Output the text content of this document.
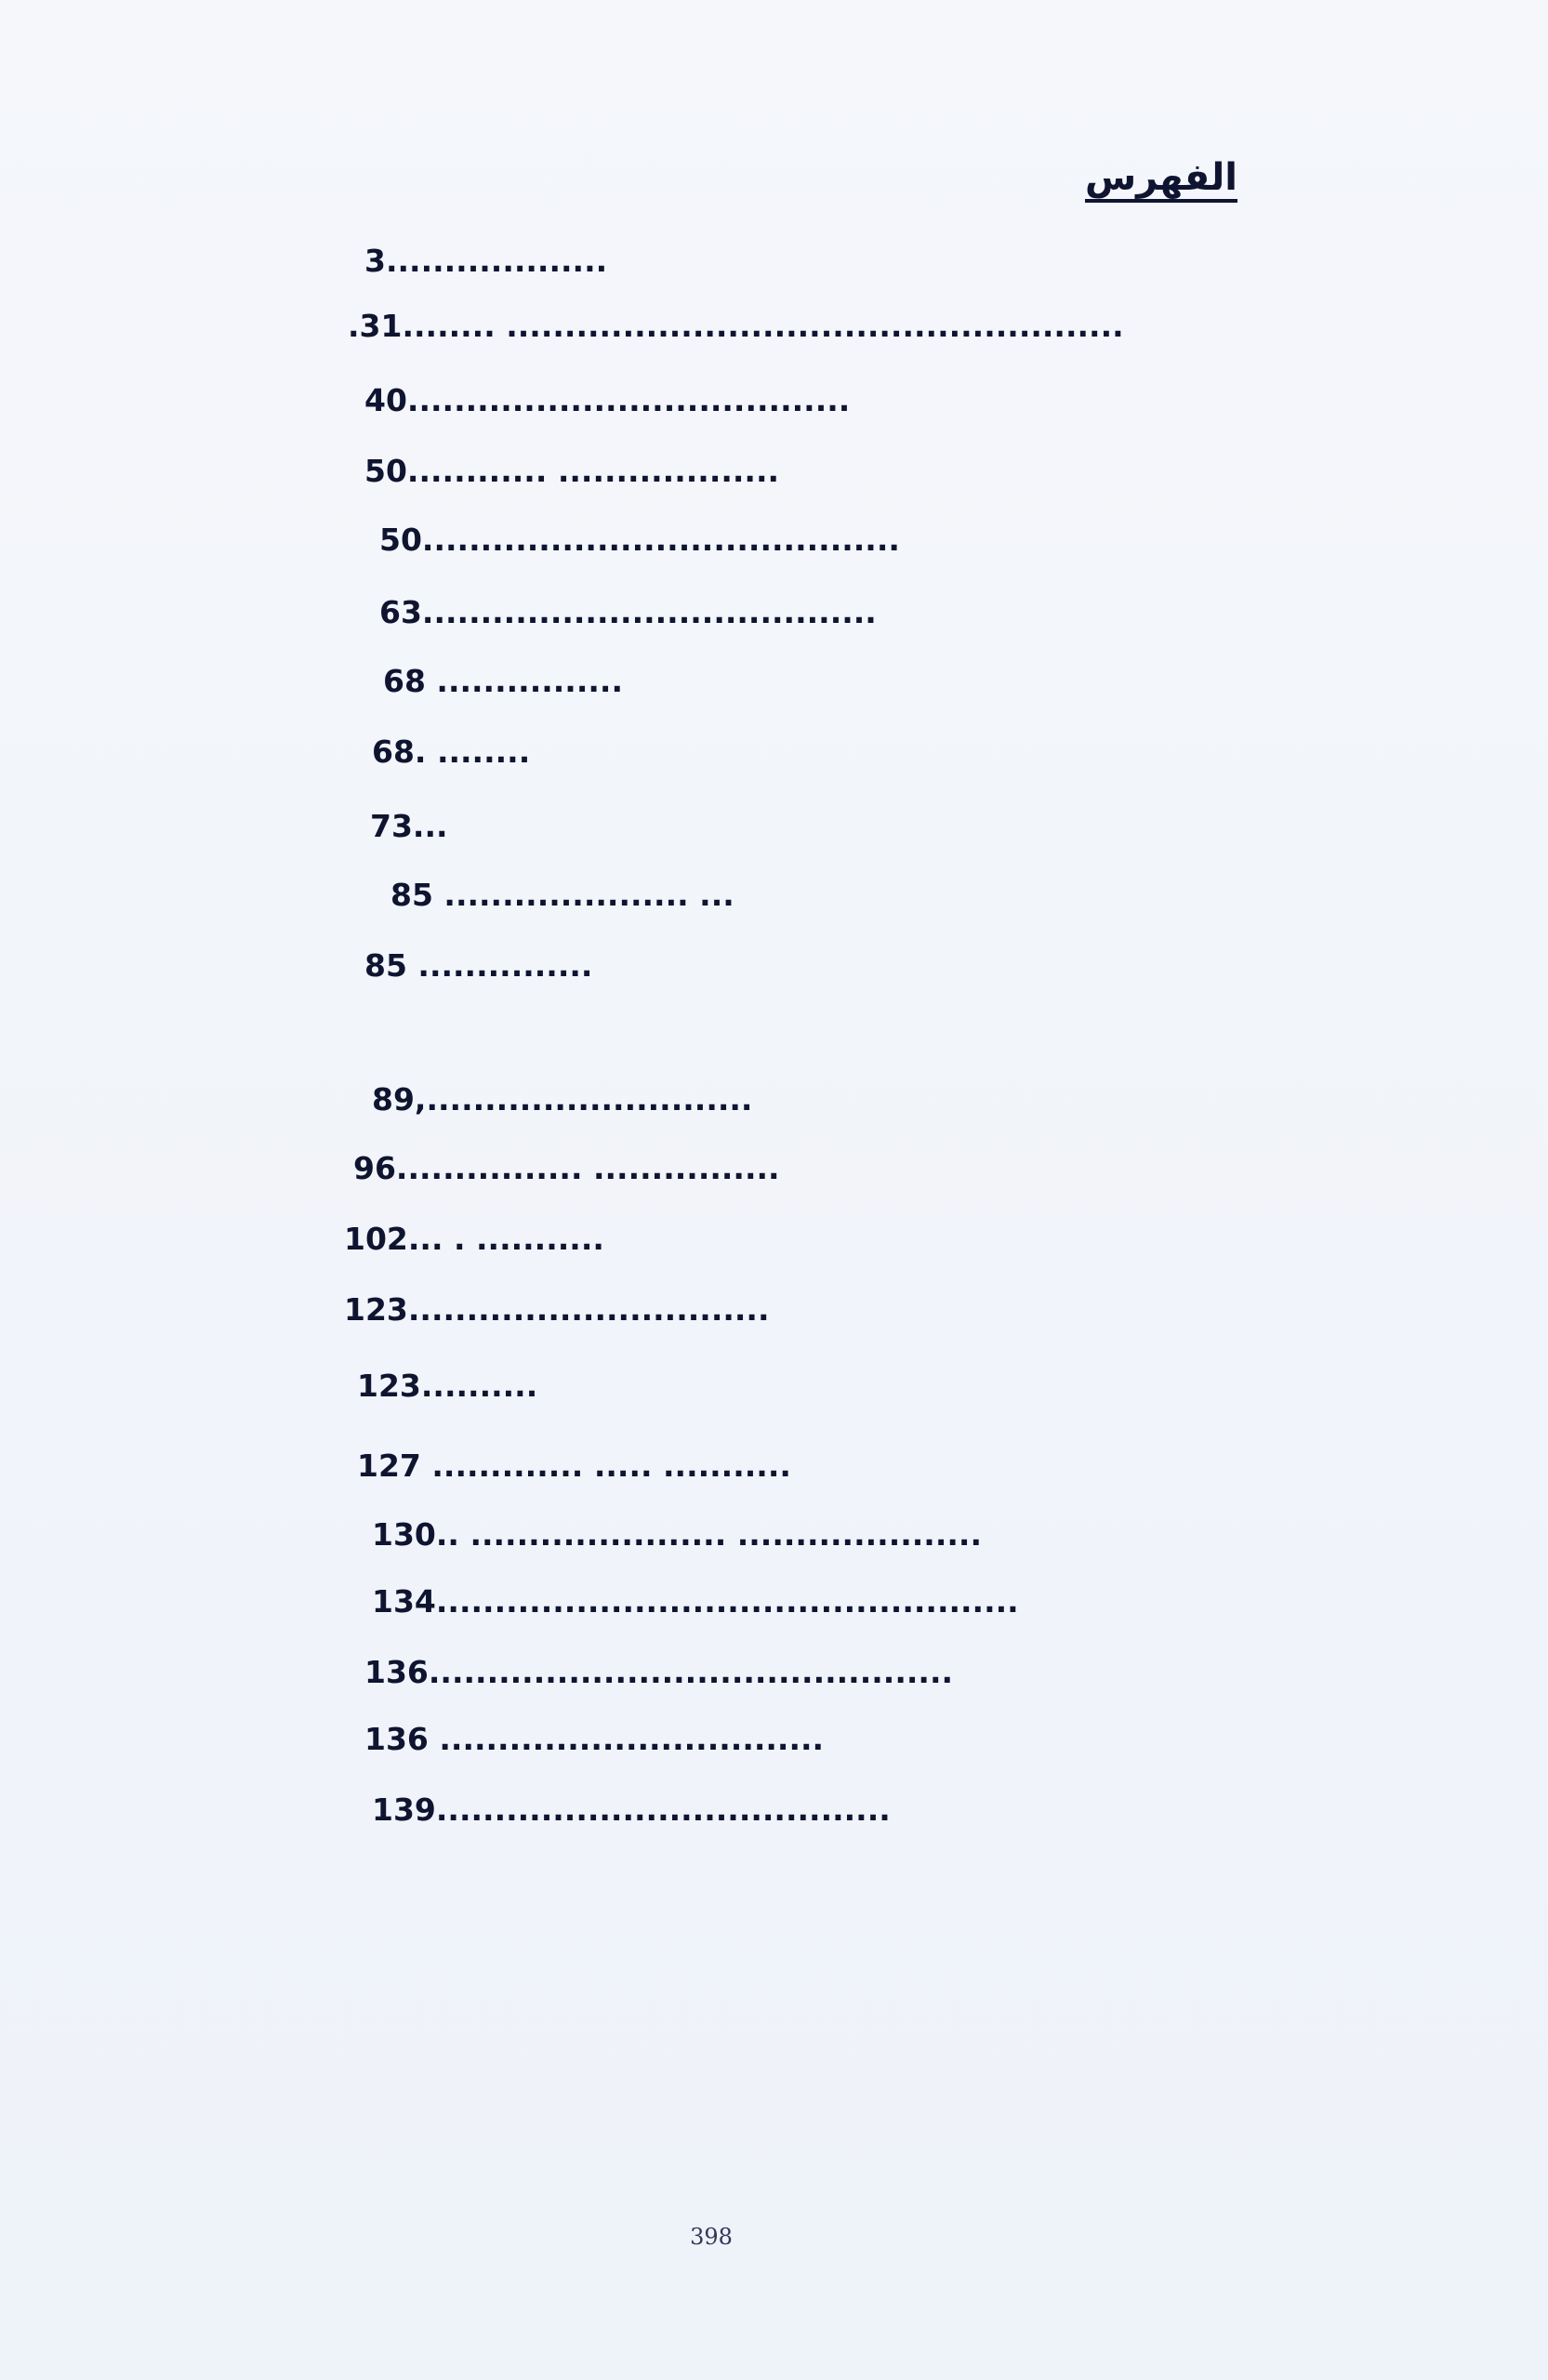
الفهرس
3...................
.31........ .....................................................
40......................................
50............ ...................
50.........................................
63.......................................
68 ................
68. ........
73...
85 ..................... ...
85 ...............
89,............................
96................ ................
102... . ...........
123...............................
123..........
127 ............. ..... ...........
130.. ...................... .....................
134..................................................
136.............................................
136 .................................
139.......................................
398
